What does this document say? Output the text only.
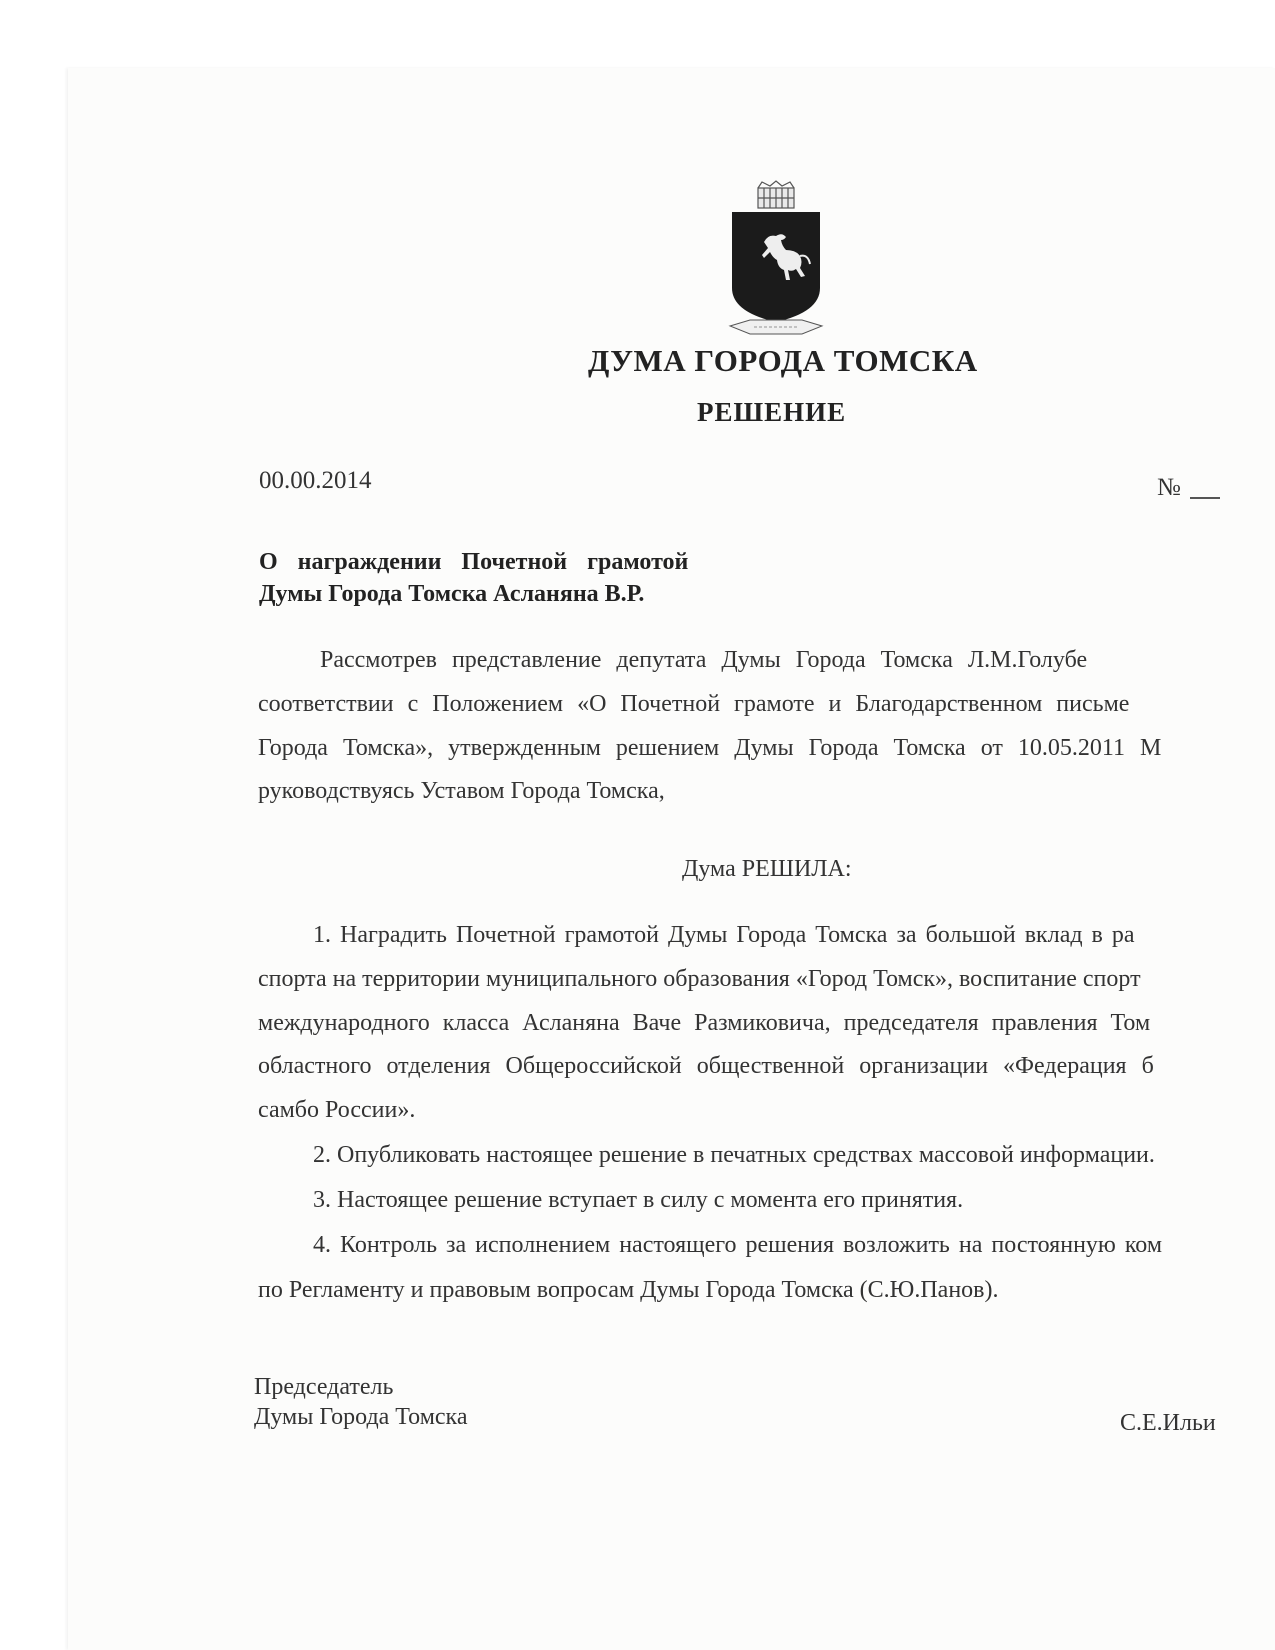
ДУМА ГОРОДА ТОМСКА
РЕШЕНИЕ
00.00.2014	№
О награждении Почетной грамотой
Думы Города Томска Асланяна В.Р.
Рассмотрев представление депутата Думы Города Томска Л.М.Голубе
соответствии с Положением «О Почетной грамоте и Благодарственном письме
Города Томска», утвержденным решением Думы Города Томска от 10.05.2011 М
руководствуясь Уставом Города Томска,
Дума РЕШИЛА:
1. Наградить Почетной грамотой Думы Города Томска за большой вклад в ра
спорта на территории муниципального образования «Город Томск», воспитание спорт
международного класса Асланяна Ваче Размиковича, председателя правления Том
областного отделения Общероссийской общественной организации «Федерация б
самбо России».
2. Опубликовать настоящее решение в печатных средствах массовой информации.
3. Настоящее решение вступает в силу с момента его принятия.
4. Контроль за исполнением настоящего решения возложить на постоянную ком
по Регламенту и правовым вопросам Думы Города Томска (С.Ю.Панов).
Председатель
Думы Города Томска	С.Е.Ильи
